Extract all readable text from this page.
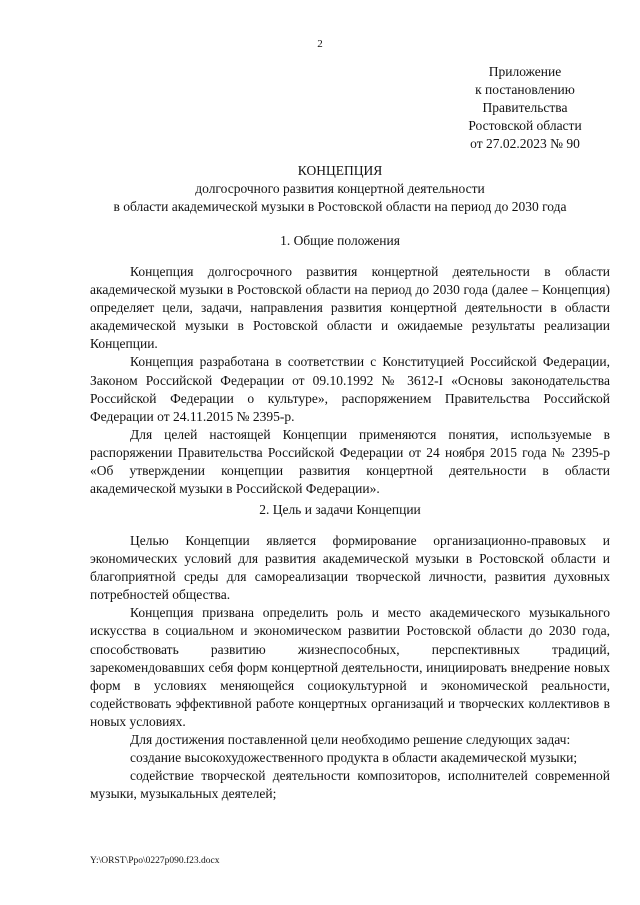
2
Приложение
к постановлению
Правительства
Ростовской области
от 27.02.2023 № 90
КОНЦЕПЦИЯ
долгосрочного развития концертной деятельности
в области академической музыки в Ростовской области на период до 2030 года
1. Общие положения

Концепция долгосрочного развития концертной деятельности в области академической музыки в Ростовской области на период до 2030 года (далее – Концепция) определяет цели, задачи, направления развития концертной деятельности в области академической музыки в Ростовской области и ожидаемые результаты реализации Концепции.

Концепция разработана в соответствии с Конституцией Российской Федерации, Законом Российской Федерации от 09.10.1992 № 3612-I «Основы законодательства Российской Федерации о культуре», распоряжением Правительства Российской Федерации от 24.11.2015 № 2395-р.

Для целей настоящей Концепции применяются понятия, используемые в распоряжении Правительства Российской Федерации от 24 ноября 2015 года № 2395-р «Об утверждении концепции развития концертной деятельности в области академической музыки в Российской Федерации».

2. Цель и задачи Концепции

Целью Концепции является формирование организационно-правовых и экономических условий для развития академической музыки в Ростовской области и благоприятной среды для самореализации творческой личности, развития духовных потребностей общества.

Концепция призвана определить роль и место академического музыкального искусства в социальном и экономическом развитии Ростовской области до 2030 года, способствовать развитию жизнеспособных, перспективных традиций, зарекомендовавших себя форм концертной деятельности, инициировать внедрение новых форм в условиях меняющейся социокультурной и экономической реальности, содействовать эффективной работе концертных организаций и творческих коллективов в новых условиях.

Для достижения поставленной цели необходимо решение следующих задач:

создание высокохудожественного продукта в области академической музыки;

содействие творческой деятельности композиторов, исполнителей современной музыки, музыкальных деятелей;

Y:\ORST\Ppo\0227p090.f23.docx
